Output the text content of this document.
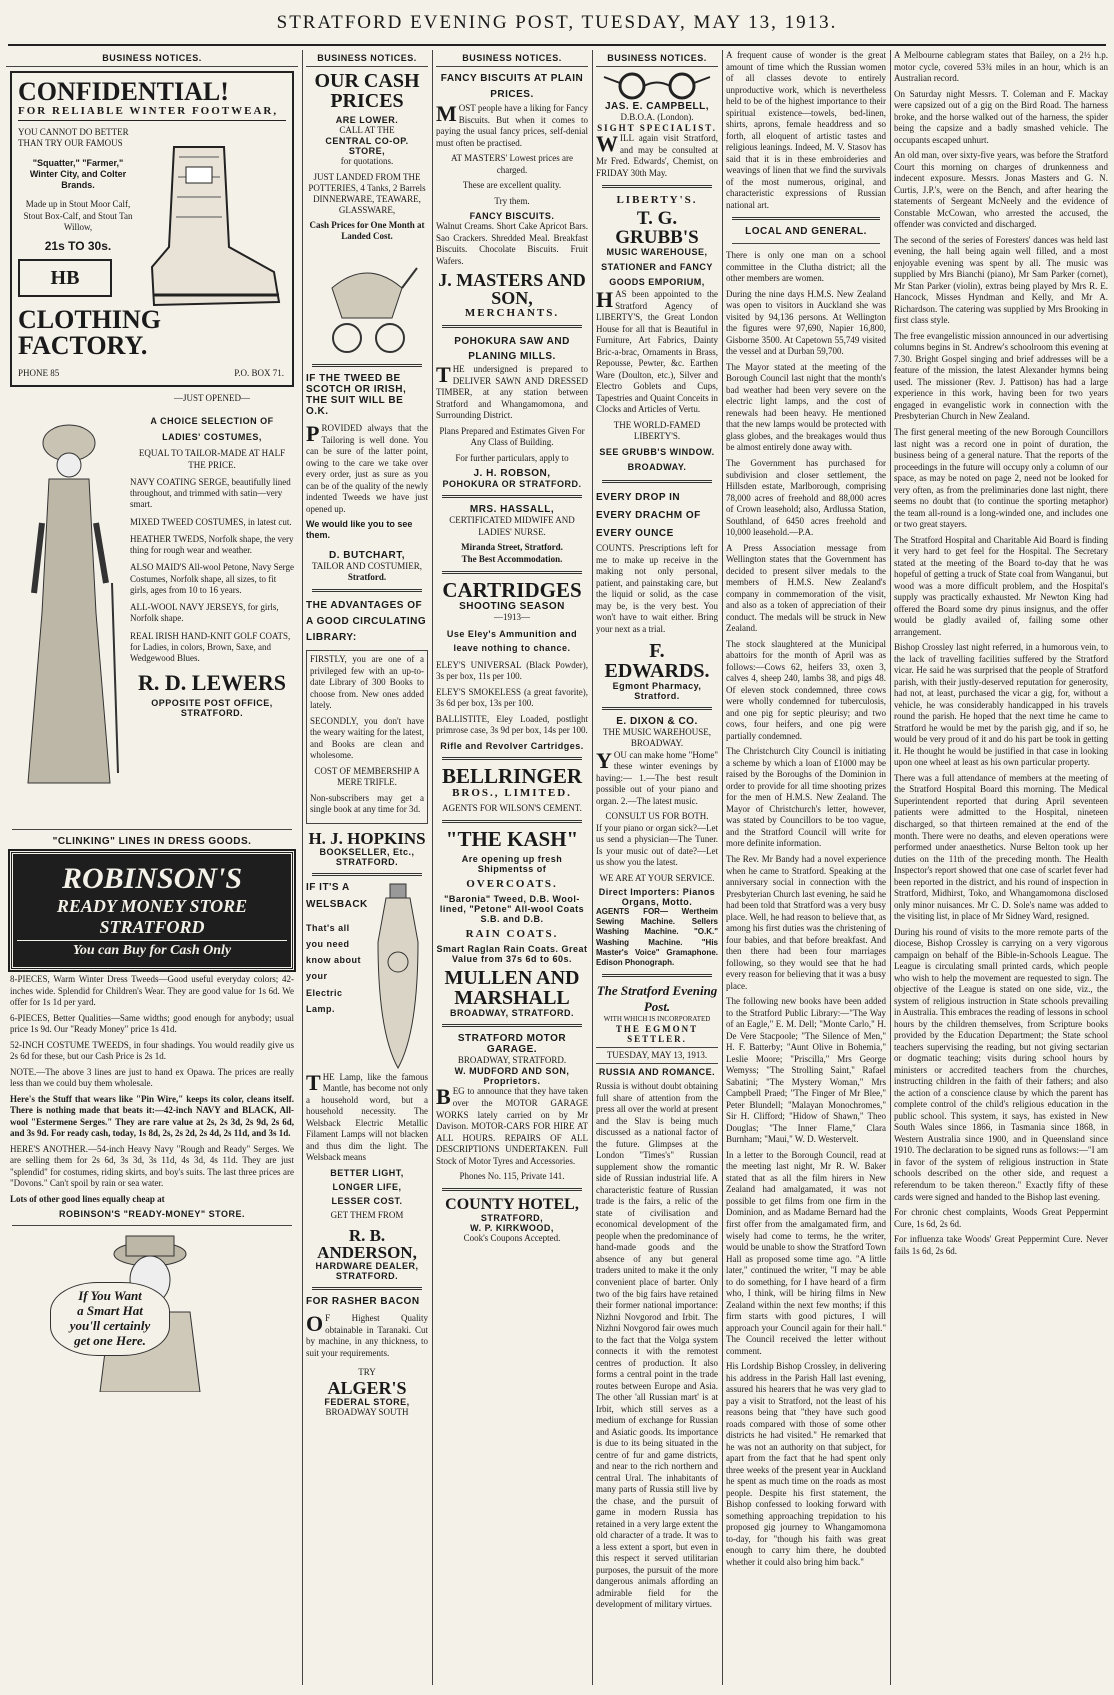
STRATFORD EVENING POST, TUESDAY, MAY 13, 1913.
BUSINESS NOTICES.
CONFIDENTIAL!
FOR RELIABLE WINTER FOOTWEAR,
YOU CANNOT DO BETTER THAN TRY OUR FAMOUS
"Squatter," "Farmer," Winter City, and Colter Brands.
Made up in Stout Moor Calf, Stout Box-Calf, and Stout Tan Willow,
21s TO 30s.
HB
CLOTHING FACTORY.
PHONE 85	P.O. BOX 71.
—JUST OPENED—
A CHOICE SELECTION OF
LADIES' COSTUMES,
EQUAL TO TAILOR-MADE AT HALF THE PRICE.
NAVY COATING SERGE, beautifully lined throughout, and trimmed with satin—very smart.
MIXED TWEED COSTUMES, in latest cut.
HEATHER TWEDS, Norfolk shape, the very thing for rough wear and weather.
ALSO MAID'S All-wool Petone, Navy Serge Costumes, Norfolk shape, all sizes, to fit girls, ages from 10 to 16 years.
ALL-WOOL NAVY JERSEYS, for girls, Norfolk shape.
REAL IRISH HAND-KNIT GOLF COATS, for Ladies, in colors, Brown, Saxe, and Wedgewood Blues.
R. D. LEWERS
OPPOSITE POST OFFICE, STRATFORD.
"CLINKING" LINES IN DRESS GOODS.
ROBINSON'S
READY MONEY STORE
STRATFORD
You can Buy for Cash Only

8-PIECES, Warm Winter Dress Tweeds—Good useful everyday colors; 42-inches wide. Splendid for Children's Wear. They are good value for 1s 6d. We offer for 1s 1d per yard.

6-PIECES, Better Qualities—Same widths; good enough for anybody; usual price 1s 9d. Our "Ready Money" price 1s 41d.

52-INCH COSTUME TWEEDS, in four shadings. You would readily give us 2s 6d for these, but our Cash Price is 2s 1d.

NOTE.—The above 3 lines are just to hand ex Opawa. The prices are really less than we could buy them wholesale.

Here's the Stuff that wears like "Pin Wire," keeps its color, cleans itself. There is nothing made that beats it:—42-inch NAVY and BLACK, All-wool "Estermene Serges." They are rare value at 2s, 2s 3d, 2s 9d, 2s 6d, and 3s 9d. For ready cash, today, 1s 8d, 2s, 2s 2d, 2s 4d, 2s 11d, and 3s 1d.

HERE'S ANOTHER.—54-inch Heavy Navy "Rough and Ready" Serges. We are selling them for 2s 6d, 3s 3d, 3s 11d, 4s 3d, 4s 11d. They are just "splendid" for costumes, riding skirts, and boy's suits. The last three prices are "Dovons." Can't spoil by rain or sea water.

Lots of other good lines equally cheap at

ROBINSON'S "READY-MONEY" STORE.
If You Want
a Smart Hat
you'll certainly
get one Here.
BUSINESS NOTICES.
OUR CASH PRICES
ARE LOWER.
CALL AT THE
CENTRAL CO-OP. STORE,
for quotations.
JUST LANDED FROM THE POTTERIES, 4 Tanks, 2 Barrels DINNERWARE, TEAWARE, GLASSWARE,
Cash Prices for One Month at Landed Cost.
IF THE TWEED BE SCOTCH OR IRISH, THE SUIT WILL BE O.K.

PROVIDED always that the Tailoring is well done. You can be sure of the latter point, owing to the care we take over every order, just as sure as you can be of the quality of the newly indented Tweeds we have just opened up.

We would like you to see them.
D. BUTCHART,
TAILOR AND COSTUMIER,
Stratford.
THE ADVANTAGES OF A GOOD CIRCULATING LIBRARY:

FIRSTLY, you are one of a privileged few with an up-to-date Library of 300 Books to choose from. New ones added lately.

SECONDLY, you don't have the weary waiting for the latest, and Books are clean and wholesome.

COST OF MEMBERSHIP A MERE TRIFLE.

Non-subscribers may get a single book at any time for 3d.

H. J. HOPKINS
BOOKSELLER, Etc., STRATFORD.
IF IT'S A
WELSBACK
That's all you need know about your Electric Lamp.

THE Lamp, like the famous Mantle, has become not only a household word, but a household necessity. The Welsback Electric Metallic Filament Lamps will not blacken and thus dim the light. The Welsback means

BETTER LIGHT,
LONGER LIFE,
LESSER COST.
GET THEM FROM
R. B. ANDERSON,
HARDWARE DEALER,
STRATFORD.
FOR RASHER BACON

OF Highest Quality obtainable in Taranaki. Cut by machine, in any thickness, to suit your requirements.

TRY
ALGER'S
FEDERAL STORE,
BROADWAY SOUTH
BUSINESS NOTICES.
FANCY BISCUITS AT PLAIN PRICES.

MOST people have a liking for Fancy Biscuits. But when it comes to paying the usual fancy prices, self-denial must often be practised.

AT MASTERS' Lowest prices are charged.

These are excellent quality.

Try them.

FANCY BISCUITS.

Walnut Creams. Short Cake Apricot Bars. Sao Crackers. Shredded Meal. Breakfast Biscuits. Chocolate Biscuits. Fruit Wafers.

J. MASTERS AND SON,
MERCHANTS.
POHOKURA SAW AND PLANING MILLS.

THE undersigned is prepared to DELIVER SAWN AND DRESSED TIMBER, at any station between Stratford and Whangamomona, and Surrounding District.

Plans Prepared and Estimates Given For Any Class of Building.

For further particulars, apply to

J. H. ROBSON,
POHOKURA OR STRATFORD.
MRS. HASSALL,

CERTIFICATED MIDWIFE AND LADIES' NURSE.

Miranda Street, Stratford.
The Best Accommodation.
CARTRIDGES
SHOOTING SEASON
—1913—
Use Eley's Ammunition and leave nothing to chance.

ELEY'S UNIVERSAL (Black Powder), 3s per box, 11s per 100.

ELEY'S SMOKELESS (a great favorite), 3s 6d per box, 13s per 100.

BALLISTITE, Eley Loaded, postlight primrose case, 3s 9d per box, 14s per 100.

Rifle and Revolver Cartridges.
BELLRINGER
BROS., LIMITED.
AGENTS FOR WILSON'S CEMENT.
"THE KASH"
Are opening up fresh Shipmentss of
OVERCOATS.
"Baronia" Tweed, D.B. Wool-lined, "Petone" All-wool Coats S.B. and D.B.
RAIN COATS.
Smart Raglan Rain Coats. Great Value from 37s 6d to 60s.
MULLEN AND MARSHALL
BROADWAY, STRATFORD.
STRATFORD MOTOR GARAGE.
BROADWAY, STRATFORD.
W. MUDFORD AND SON, Proprietors.

BEG to announce that they have taken over the MOTOR GARAGE WORKS lately carried on by Mr Davison. MOTOR-CARS FOR HIRE AT ALL HOURS. REPAIRS OF ALL DESCRIPTIONS UNDERTAKEN. Full Stock of Motor Tyres and Accessories.

Phones No. 115, Private 141.
COUNTY HOTEL,
STRATFORD,
W. P. KIRKWOOD,
Cook's Coupons Accepted.
BUSINESS NOTICES.
JAS. E. CAMPBELL,
D.B.O.A. (London).
SIGHT SPECIALIST.

WILL again visit Stratford, and may be consulted at Mr Fred. Edwards', Chemist, on FRIDAY 30th May.

LIBERTY'S.
T. G. GRUBB'S
MUSIC WAREHOUSE,
STATIONER and FANCY GOODS EMPORIUM,

HAS been appointed to the Stratford Agency of LIBERTY'S, the Great London House for all that is Beautiful in Furniture, Art Fabrics, Dainty Bric-a-brac, Ornaments in Brass, Repousse, Pewter, &c. Earthen Ware (Doulton, etc.), Silver and Electro Goblets and Cups, Tapestries and Quaint Conceits in Clocks and Articles of Vertu.

THE WORLD-FAMED LIBERTY'S.
SEE GRUBB'S WINDOW. BROADWAY.
EVERY DROP IN
EVERY DRACHM OF
EVERY OUNCE

COUNTS. Prescriptions left for me to make up receive in the making not only personal, patient, and painstaking care, but the liquid or solid, as the case may be, is the very best. You won't have to wait either. Bring your next as a trial.

F. EDWARDS.
Egmont Pharmacy, Stratford.
E. DIXON & CO.
THE MUSIC WAREHOUSE, BROADWAY.

YOU can make home "Home" these winter evenings by having:— 1.—The best result possible out of your piano and organ. 2.—The latest music.

CONSULT US FOR BOTH.

If your piano or organ sick?—Let us send a physician—The Tuner. Is your music out of date?—Let us show you the latest.

WE ARE AT YOUR SERVICE.
Direct Importers: Pianos Organs, Motto.

AGENTS FOR— Wertheim Sewing Machine. Sellers Washing Machine. "O.K." Washing Machine. "His Master's Voice" Gramaphone. Edison Phonograph.

The Stratford Evening Post.
WITH WHICH IS INCORPORATED
THE EGMONT SETTLER.
TUESDAY, MAY 13, 1913.
RUSSIA AND ROMANCE.

Russia is without doubt obtaining full share of attention from the press all over the world at present and the Slav is being much discussed as a national factor of the future. Glimpses at the London "Times's" Russian supplement show the romantic side of Russian industrial life. A characteristic feature of Russian trade is the fairs, a relic of the state of civilisation and economical development of the people when the predominance of hand-made goods and the absence of any but general traders united to make it the only convenient place of barter. Only two of the big fairs have retained their former national importance: Nizhni Novgorod and Irbit. The Nizhni Novgorod fair owes much to the fact that the Volga system connects it with the remotest centres of production. It also forms a central point in the trade routes between Europe and Asia. The other 'all Russian mart' is at Irbit, which still serves as a medium of exchange for Russian and Asiatic goods. Its importance is due to its being situated in the centre of fur and game districts, and near to the rich northern and central Ural. The inhabitants of many parts of Russia still live by the chase, and the pursuit of game in modern Russia has retained in a very large extent the old character of a trade. It was to a less extent a sport, but even in this respect it served utilitarian purposes, the pursuit of the more dangerous animals affording an admirable field for the development of military virtues.

A frequent cause of wonder is the great amount of time which the Russian women of all classes devote to entirely unproductive work, which is nevertheless held to be of the highest importance to their spiritual existence—towels, bed-linen, shirts, aprons, female headdress and so forth, all eloquent of artistic tastes and religious leanings. Indeed, M. V. Stasov has said that it is in these embroideries and weavings of linen that we find the survivals of the most numerous, original, and characteristic expressions of Russian national art.

LOCAL AND GENERAL.

There is only one man on a school committee in the Clutha district; all the other members are women.

During the nine days H.M.S. New Zealand was open to visitors in Auckland she was visited by 94,136 persons. At Wellington the figures were 97,690, Napier 16,800, Gisborne 3500. At Capetown 55,749 visited the vessel and at Durban 59,700.

The Mayor stated at the meeting of the Borough Council last night that the month's bad weather had been very severe on the electric light lamps, and the cost of renewals had been heavy. He mentioned that the new lamps would be protected with glass globes, and the breakages would thus be almost entirely done away with.

The Government has purchased for subdivision and closer settlement, the Hillsden estate, Marlborough, comprising 78,000 acres of freehold and 88,000 acres of Crown leasehold; also, Ardlussa Station, Southland, of 6450 acres freehold and 10,000 leasehold.—P.A.

A Press Association message from Wellington states that the Government has decided to present silver medals to the members of H.M.S. New Zealand's company in commemoration of the visit, and also as a token of appreciation of their conduct. The medals will be struck in New Zealand.

The stock slaughtered at the Municipal abattoirs for the month of April was as follows:—Cows 62, heifers 33, oxen 3, calves 4, sheep 240, lambs 38, and pigs 48. Of eleven stock condemned, three cows were wholly condemned for tuberculosis, and one pig for septic pleurisy; and two cows, four heifers, and one pig were partially condemned.

The Christchurch City Council is initiating a scheme by which a loan of £1000 may be raised by the Boroughs of the Dominion in order to provide for all time shooting prizes for the men of H.M.S. New Zealand. The Mayor of Christchurch's letter, however, was stated by Councillors to be too vague, and the Stratford Council will write for more definite information.

The Rev. Mr Bandy had a novel experience when he came to Stratford. Speaking at the anniversary social in connection with the Presbyterian Church last evening, he said he had been told that Stratford was a very busy place. Well, he had reason to believe that, as among his first duties was the christening of four babies, and that before breakfast. And then there had been four marriages following, so they would see that he had every reason for believing that it was a busy place.

The following new books have been added to the Stratford Public Library:—"The Way of an Eagle," E. M. Dell; "Monte Carlo," H. De Vere Stacpoole; "The Silence of Men," H. F. Batterby; "Aunt Olive in Bohemia," Leslie Moore; "Priscilla," Mrs George Wemyss; "The Strolling Saint," Rafael Sabatini; "The Mystery Woman," Mrs Campbell Praed; "The Finger of Mr Blee," Peter Blundell; "Malayan Monochromes," Sir H. Clifford; "Hidow of Shawn," Theo Douglas; "The Inner Flame," Clara Burnham; "Maui," W. D. Westervelt.

In a letter to the Borough Council, read at the meeting last night, Mr R. W. Baker stated that as all the film hirers in New Zealand had amalgamated, it was not possible to get films from one firm in the Dominion, and as Madame Bernard had the first offer from the amalgamated firm, and wisely had come to terms, he the writer, would be unable to show the Stratford Town Hall as proposed some time ago. "A little later," continued the writer, "I may be able to do something, for I have heard of a firm who, I think, will be hiring films in New Zealand within the next few months; if this firm starts with good pictures, I will approach your Council again for their hall." The Council received the letter without comment.

His Lordship Bishop Crossley, in delivering his address in the Parish Hall last evening, assured his hearers that he was very glad to pay a visit to Stratford, not the least of his reasons being that "they have such good roads compared with those of some other districts he had visited." He remarked that he was not an authority on that subject, for apart from the fact that he had spent only three weeks of the present year in Auckland he spent as much time on the roads as most people. Despite his first statement, the Bishop confessed to looking forward with something approaching trepidation to his proposed gig journey to Whangamomona to-day, for "though his faith was great enough to carry him there, he doubted whether it could also bring him back."

A Melbourne cablegram states that Bailey, on a 2½ h.p. motor cycle, covered 53¾ miles in an hour, which is an Australian record.

On Saturday night Messrs. T. Coleman and F. Mackay were capsized out of a gig on the Bird Road. The harness broke, and the horse walked out of the harness, the spider being the capsize and a badly smashed vehicle. The occupants escaped unhurt.

An old man, over sixty-five years, was before the Stratford Court this morning on charges of drunkenness and indecent exposure. Messrs. Jonas Masters and G. N. Curtis, J.P.'s, were on the Bench, and after hearing the statements of Sergeant McNeely and the evidence of Constable McCowan, who arrested the accused, the offender was convicted and discharged.

The second of the series of Foresters' dances was held last evening, the hall being again well filled, and a most enjoyable evening was spent by all. The music was supplied by Mrs Bianchi (piano), Mr Sam Parker (cornet), Mr Stan Parker (violin), extras being played by Mrs R. E. Hancock, Misses Hyndman and Kelly, and Mr A. Richardson. The catering was supplied by Mrs Brooking in first class style.

The free evangelistic mission announced in our advertising columns begins in St. Andrew's schoolroom this evening at 7.30. Bright Gospel singing and brief addresses will be a feature of the mission, the latest Alexander hymns being used. The missioner (Rev. J. Pattison) has had a large experience in this work, having been for two years engaged in evangelistic work in connection with the Presbyterian Church in New Zealand.

The first general meeting of the new Borough Councillors last night was a record one in point of duration, the business being of a general nature. That the reports of the proceedings in the future will occupy only a column of our space, as may be noted on page 2, need not be looked for very often, as from the preliminaries done last night, there seems no doubt that (to continue the sporting metaphor) the team all-round is a long-winded one, and includes one or two great stayers.

The Stratford Hospital and Charitable Aid Board is finding it very hard to get feel for the Hospital. The Secretary stated at the meeting of the Board to-day that he was hopeful of getting a truck of State coal from Wanganui, but wood was a more difficult problem, and the Hospital's supply was practically exhausted. Mr Newton King had offered the Board some dry pinus insignus, and the offer would be gladly availed of, failing some other arrangement.

Bishop Crossley last night referred, in a humorous vein, to the lack of travelling facilities suffered by the Stratford vicar. He said he was surprised that the people of Stratford parish, with their justly-deserved reputation for generosity, had not, at least, purchased the vicar a gig, for, without a vehicle, he was considerably handicapped in his travels round the parish. He hoped that the next time he came to Stratford he would be met by the parish gig, and if so, he would be very proud of it and do his part be took in getting it. He thought he would be justified in that case in looking upon one wheel at least as his own particular property.

There was a full attendance of members at the meeting of the Stratford Hospital Board this morning. The Medical Superintendent reported that during April seventeen patients were admitted to the Hospital, nineteen discharged, so that thirteen remained at the end of the month. There were no deaths, and eleven operations were performed under anaesthetics. Nurse Belton took up her duties on the 11th of the preceding month. The Health Inspector's report showed that one case of scarlet fever had been reported in the district, and his round of inspection in Stratford, Midhirst, Toko, and Whangamomona disclosed only minor nuisances. Mr C. D. Sole's name was added to the visiting list, in place of Mr Sidney Ward, resigned.

During his round of visits to the more remote parts of the diocese, Bishop Crossley is carrying on a very vigorous campaign on behalf of the Bible-in-Schools League. The League is circulating small printed cards, which people who wish to help the movement are requested to sign. The objective of the League is stated on one side, viz., the system of religious instruction in State schools prevailing in Australia. This embraces the reading of lessons in school hours by the children themselves, from Scripture books provided by the Education Department; the State school teachers supervising the reading, but not giving sectarian or dogmatic teaching; visits during school hours by ministers or accredited teachers from the churches, instructing children in the faith of their fathers; and also the action of a conscience clause by which the parent has complete control of the child's religious education in the public school. This system, it says, has existed in New South Wales since 1866, in Tasmania since 1868, in Western Australia since 1900, and in Queensland since 1910. The declaration to be signed runs as follows:—"I am in favor of the system of religious instruction in State schools described on the other side, and request a referendum to be taken thereon." Exactly fifty of these cards were signed and handed to the Bishop last evening.

For chronic chest complaints, Woods Great Peppermint Cure, 1s 6d, 2s 6d.

For influenza take Woods' Great Peppermint Cure. Never fails 1s 6d, 2s 6d.
